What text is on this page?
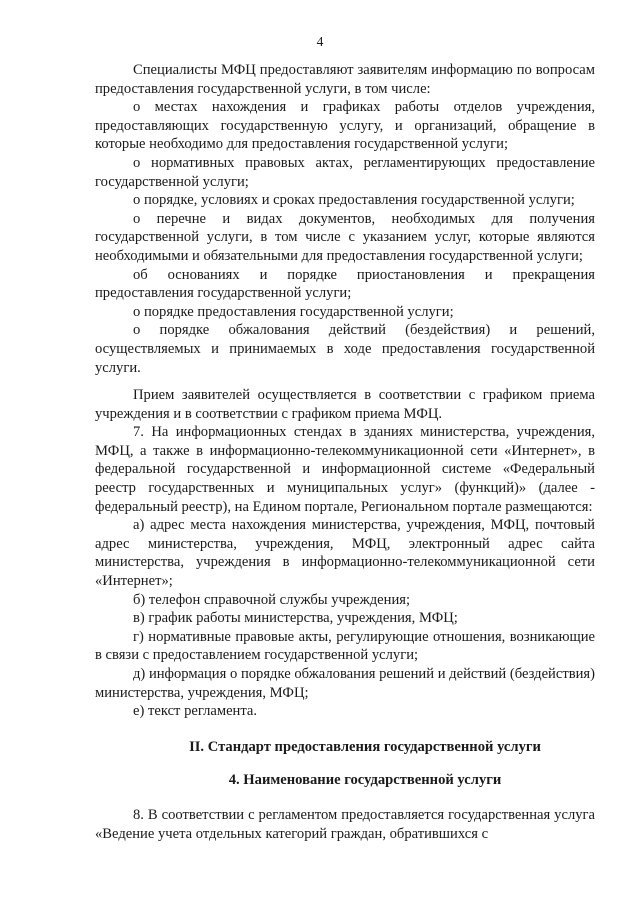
4

Специалисты МФЦ предоставляют заявителям информацию по вопросам предоставления государственной услуги, в том числе:

о местах нахождения и графиках работы отделов учреждения, предоставляющих государственную услугу, и организаций, обращение в которые необходимо для предоставления государственной услуги;

о нормативных правовых актах, регламентирующих предоставление государственной услуги;

о порядке, условиях и сроках предоставления государственной услуги;

о перечне и видах документов, необходимых для получения государственной услуги, в том числе с указанием услуг, которые являются необходимыми и обязательными для предоставления государственной услуги;

об основаниях и порядке приостановления и прекращения предоставления государственной услуги;

о порядке предоставления государственной услуги;

о порядке обжалования действий (бездействия) и решений, осуществляемых и принимаемых в ходе предоставления государственной услуги.

Прием заявителей осуществляется в соответствии с графиком приема учреждения и в соответствии с графиком приема МФЦ.

7. На информационных стендах в зданиях министерства, учреждения, МФЦ, а также в информационно-телекоммуникационной сети «Интернет», в федеральной государственной и информационной системе «Федеральный реестр государственных и муниципальных услуг» (функций)» (далее - федеральный реестр), на Едином портале, Региональном портале размещаются:

а) адрес места нахождения министерства, учреждения, МФЦ, почтовый адрес министерства, учреждения, МФЦ, электронный адрес сайта министерства, учреждения в информационно-телекоммуникационной сети «Интернет»;

б) телефон справочной службы учреждения;

в) график работы министерства, учреждения, МФЦ;

г) нормативные правовые акты, регулирующие отношения, возникающие в связи с предоставлением государственной услуги;

д) информация о порядке обжалования решений и действий (бездействия) министерства, учреждения, МФЦ;

е) текст регламента.

II. Стандарт предоставления государственной услуги
4. Наименование государственной услуги

8. В соответствии с регламентом предоставляется государственная услуга «Ведение учета отдельных категорий граждан, обратившихся с
